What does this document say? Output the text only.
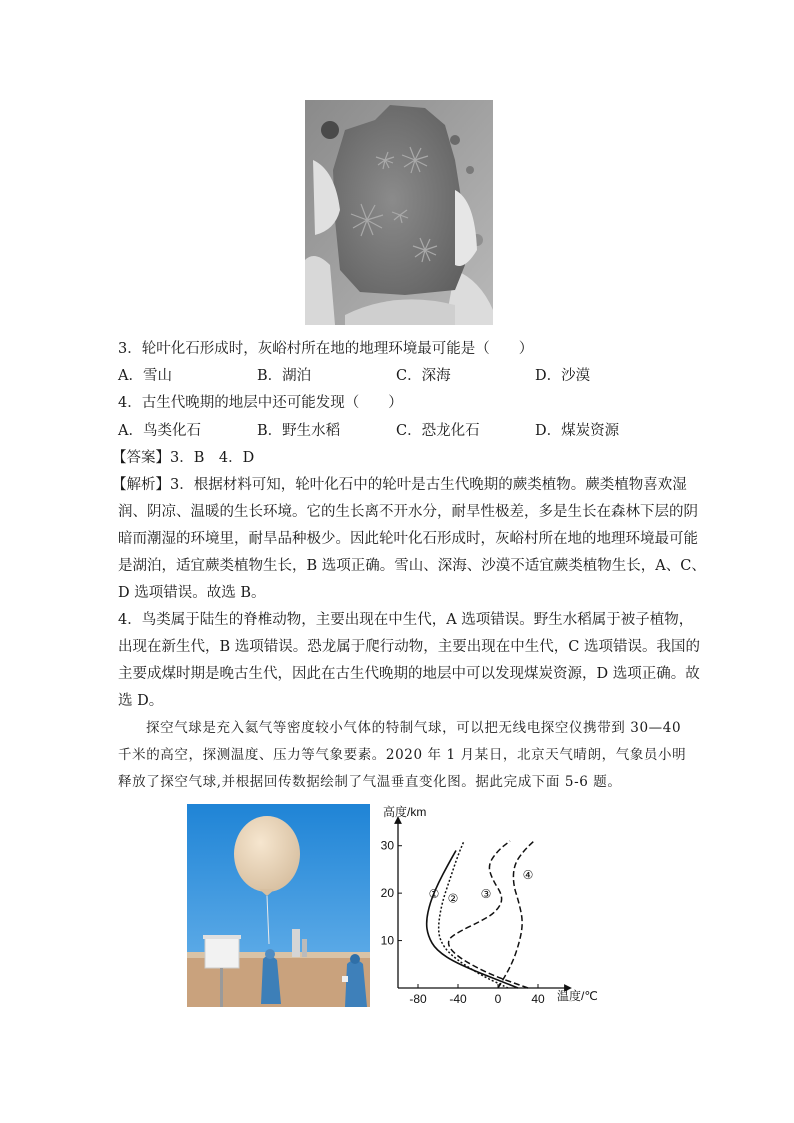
3．轮叶化石形成时，灰峪村所在地的地理环境最可能是（　　）
A．雪山	B．湖泊	C．深海	D．沙漠
4．古生代晚期的地层中还可能发现（　　）
A．鸟类化石	B．野生水稻	C．恐龙化石	D．煤炭资源
【答案】3．B　4．D
【解析】3．根据材料可知，轮叶化石中的轮叶是古生代晚期的蕨类植物。蕨类植物喜欢湿
润、阴凉、温暖的生长环境。它的生长离不开水分，耐旱性极差，多是生长在森林下层的阴
暗而潮湿的环境里，耐旱品种极少。因此轮叶化石形成时，灰峪村所在地的地理环境最可能
是湖泊，适宜蕨类植物生长，B 选项正确。雪山、深海、沙漠不适宜蕨类植物生长，A、C、
D 选项错误。故选 B。
4．鸟类属于陆生的脊椎动物，主要出现在中生代，A 选项错误。野生水稻属于被子植物，
出现在新生代，B 选项错误。恐龙属于爬行动物，主要出现在中生代，C 选项错误。我国的
主要成煤时期是晚古生代，因此在古生代晚期的地层中可以发现煤炭资源，D 选项正确。故
选 D。
探空气球是充入氦气等密度较小气体的特制气球，可以把无线电探空仪携带到 30—40
千米的高空，探测温度、压力等气象要素。2020 年 1 月某日，北京天气晴朗，气象员小明
释放了探空气球,并根据回传数据绘制了气温垂直变化图。据此完成下面 5-6 题。
高度/km
温度/℃
-80 -40 0 40
10
20
30
① ② ③
④
